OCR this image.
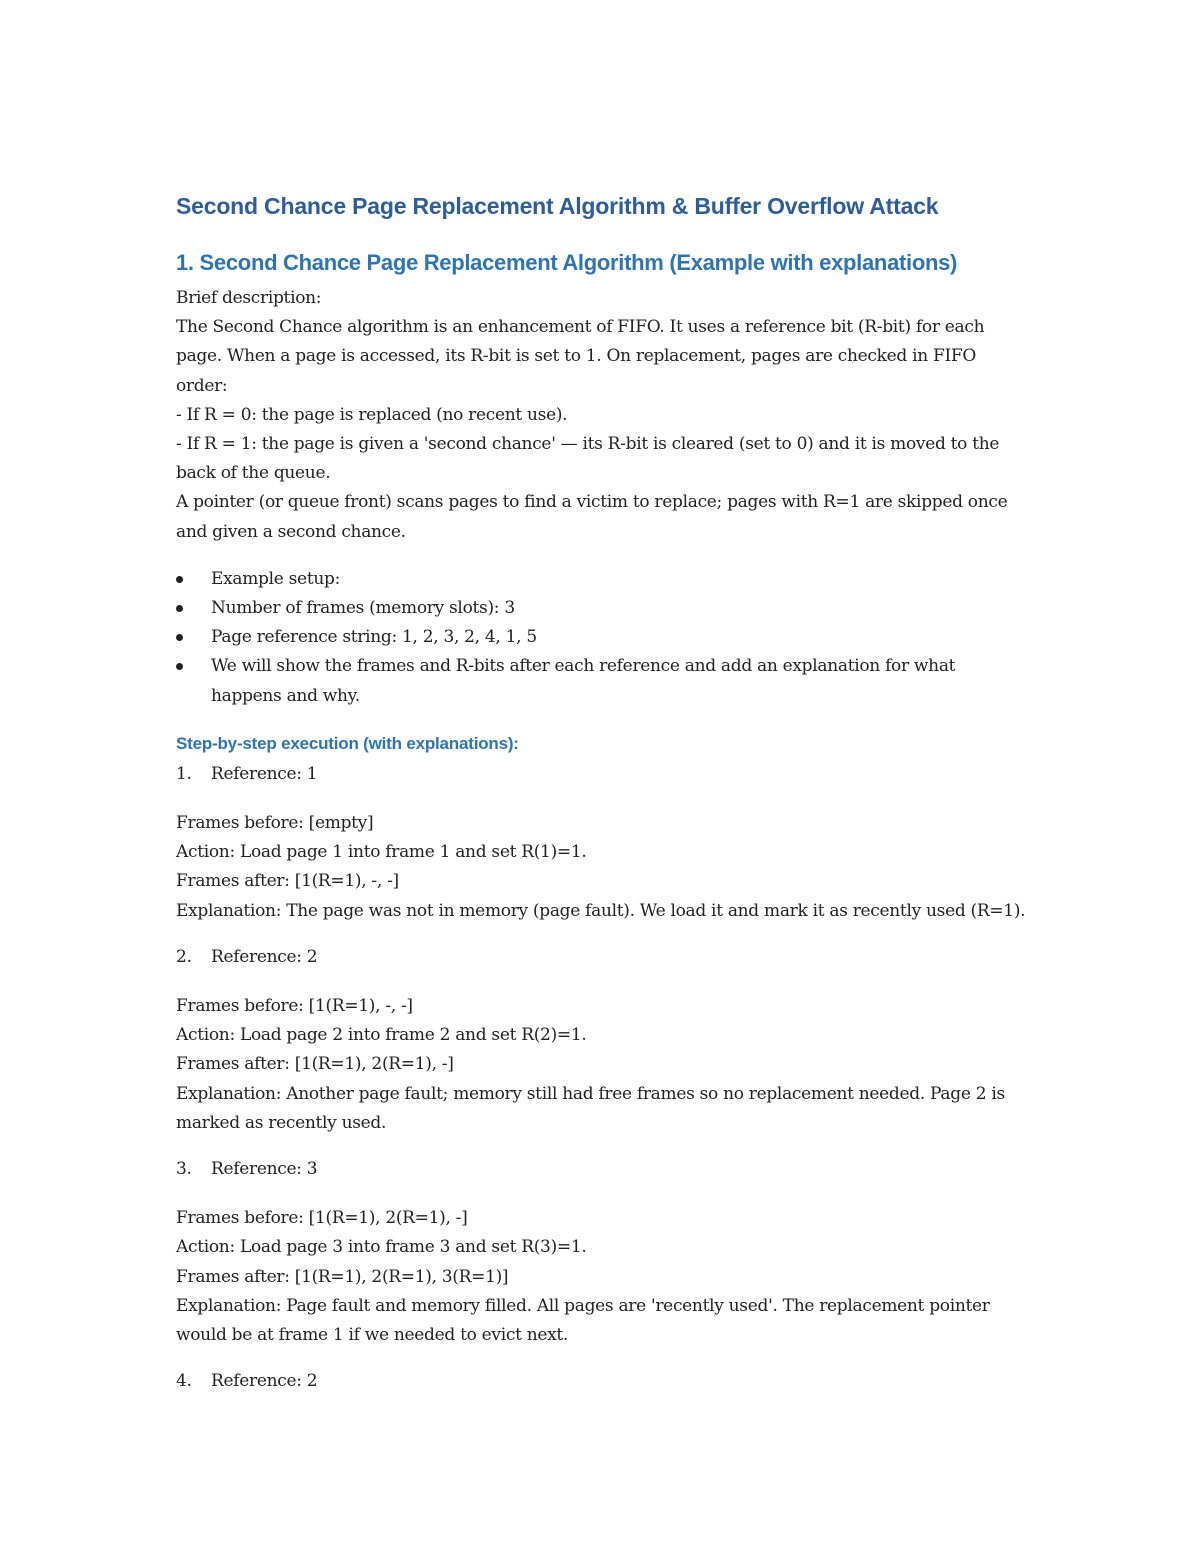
Second Chance Page Replacement Algorithm & Buffer Overflow Attack
1. Second Chance Page Replacement Algorithm (Example with explanations)

Brief description:

The Second Chance algorithm is an enhancement of FIFO. It uses a reference bit (R-bit) for each page. When a page is accessed, its R-bit is set to 1. On replacement, pages are checked in FIFO order:

- If R = 0: the page is replaced (no recent use).

- If R = 1: the page is given a 'second chance' — its R-bit is cleared (set to 0) and it is moved to the back of the queue.

A pointer (or queue front) scans pages to find a victim to replace; pages with R=1 are skipped once and given a second chance.

Example setup:
Number of frames (memory slots): 3
Page reference string: 1, 2, 3, 2, 4, 1, 5
We will show the frames and R-bits after each reference and add an explanation for what happens and why.
Step-by-step execution (with explanations):
1. Reference: 1

Frames before: [empty]

Action: Load page 1 into frame 1 and set R(1)=1.

Frames after: [1(R=1), -, -]

Explanation: The page was not in memory (page fault). We load it and mark it as recently used (R=1).

2. Reference: 2

Frames before: [1(R=1), -, -]

Action: Load page 2 into frame 2 and set R(2)=1.

Frames after: [1(R=1), 2(R=1), -]

Explanation: Another page fault; memory still had free frames so no replacement needed. Page 2 is marked as recently used.

3. Reference: 3

Frames before: [1(R=1), 2(R=1), -]

Action: Load page 3 into frame 3 and set R(3)=1.

Frames after: [1(R=1), 2(R=1), 3(R=1)]

Explanation: Page fault and memory filled. All pages are 'recently used'. The replacement pointer would be at frame 1 if we needed to evict next.

4. Reference: 2
